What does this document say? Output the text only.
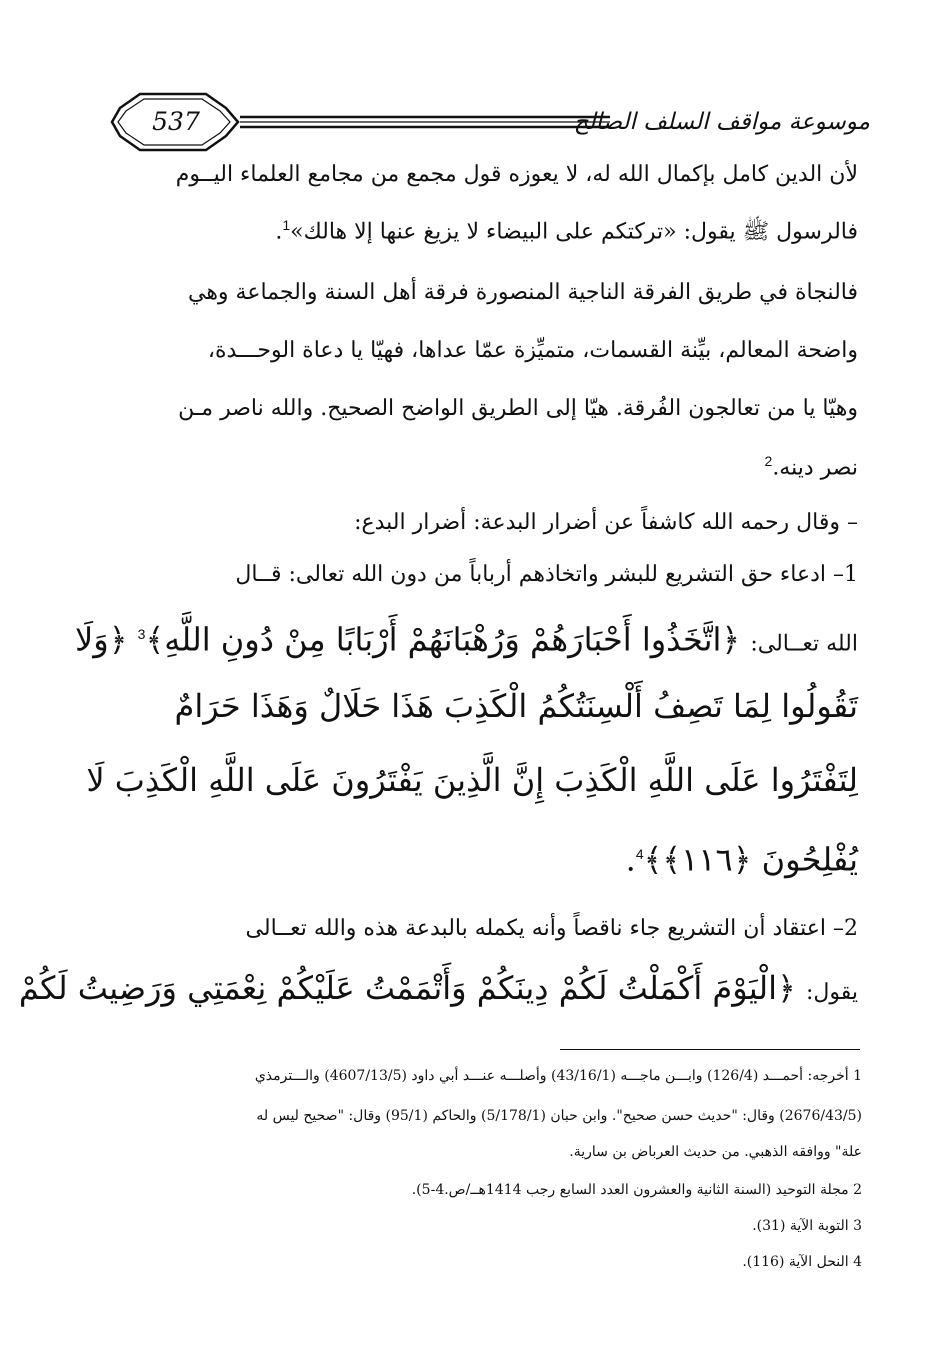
537	موسوعة مواقف السلف الصالح
لأن الدين كامل بإكمال الله له، لا يعوزه قول مجمع من مجامع العلماء اليــوم
فالرسول ﷺ يقول: «تركتكم على البيضاء لا يزيغ عنها إلا هالك»$^1$.
فالنجاة في طريق الفرقة الناجية المنصورة فرقة أهل السنة والجماعة وهي
واضحة المعالم، بيِّنة القسمات، متميِّزة عمّا عداها، فهيّا يا دعاة الوحـــدة،
وهيّا يا من تعالجون الفُرقة. هيّا إلى الطريق الواضح الصحيح. والله ناصر مـن
نصر دينه.$^2$
– وقال رحمه الله كاشفاً عن أضرار البدعة: أضرار البدع:
1– ادعاء حق التشريع للبشر واتخاذهم أرباباً من دون الله تعالى: قــال
الله تعــالى: ﴿اتَّخَذُوا أَحْبَارَهُمْ وَرُهْبَانَهُمْ أَرْبَابًا مِنْ دُونِ اللَّهِ﴾$^3$ ﴿وَلَا
تَقُولُوا لِمَا تَصِفُ أَلْسِنَتُكُمُ الْكَذِبَ هَذَا حَلَالٌ وَهَذَا حَرَامٌ
لِتَفْتَرُوا عَلَى اللَّهِ الْكَذِبَ إِنَّ الَّذِينَ يَفْتَرُونَ عَلَى اللَّهِ الْكَذِبَ لَا
يُفْلِحُونَ ﴿١١٦﴾﴾$^4$.
2– اعتقاد أن التشريع جاء ناقصاً وأنه يكمله بالبدعة هذه والله تعــالى
يقول: ﴿الْيَوْمَ أَكْمَلْتُ لَكُمْ دِينَكُمْ وَأَتْمَمْتُ عَلَيْكُمْ نِعْمَتِي وَرَضِيتُ لَكُمْ
1 أخرجه: أحمـــد (126/4) وابـــن ماجـــه (43/16/1) وأصلـــه عنـــد أبي داود (4607/13/5) والـــترمذي
(2676/43/5) وقال: "حديث حسن صحيح". وابن حبان (5/178/1) والحاكم (95/1) وقال: "صحيح ليس له
علة" ووافقه الذهبي. من حديث العرباض بن سارية.
2 مجلة التوحيد (السنة الثانية والعشرون العدد السابع رجب 1414هــ/ص.4-5).
3 التوبة الآية (31).
4 النحل الآية (116).
